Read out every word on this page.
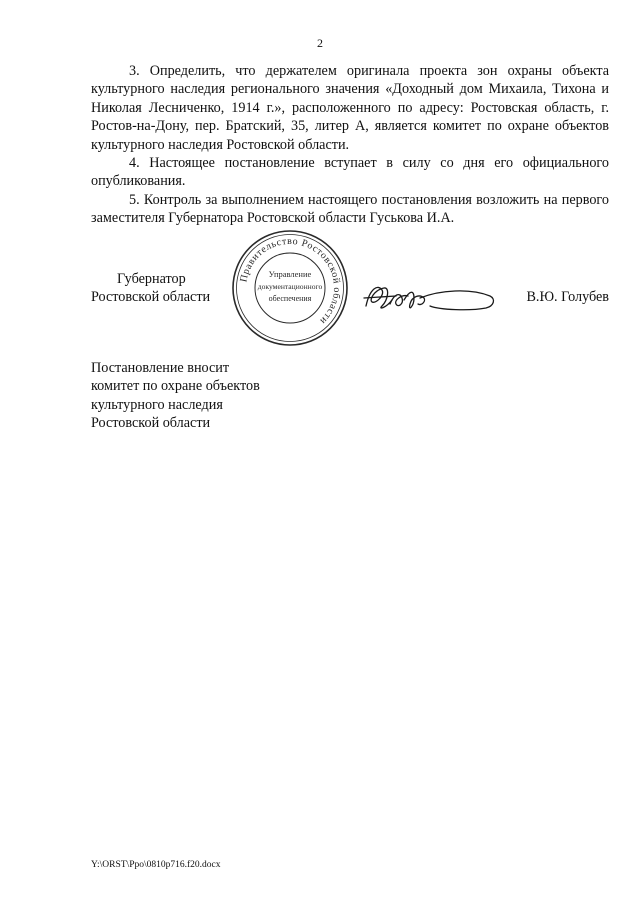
2

3. Определить, что держателем оригинала проекта зон охраны объекта культурного наследия регионального значения «Доходный дом Михаила, Тихона и Николая Лесниченко, 1914 г.», расположенного по адресу: Ростовская область, г. Ростов-на-Дону, пер. Братский, 35, литер А, является комитет по охране объектов культурного наследия Ростовской области.

4. Настоящее постановление вступает в силу со дня его официального опубликования.

5. Контроль за выполнением настоящего постановления возложить на первого заместителя Губернатора Ростовской области Гуськова И.А.

Губернатор
Ростовской области	В.Ю. Голубев
Правительство Ростовской области
Управление
документационного
обеспечения
Постановление вносит
комитет по охране объектов
культурного наследия
Ростовской области
Y:\ORST\Ppo\0810p716.f20.docx
